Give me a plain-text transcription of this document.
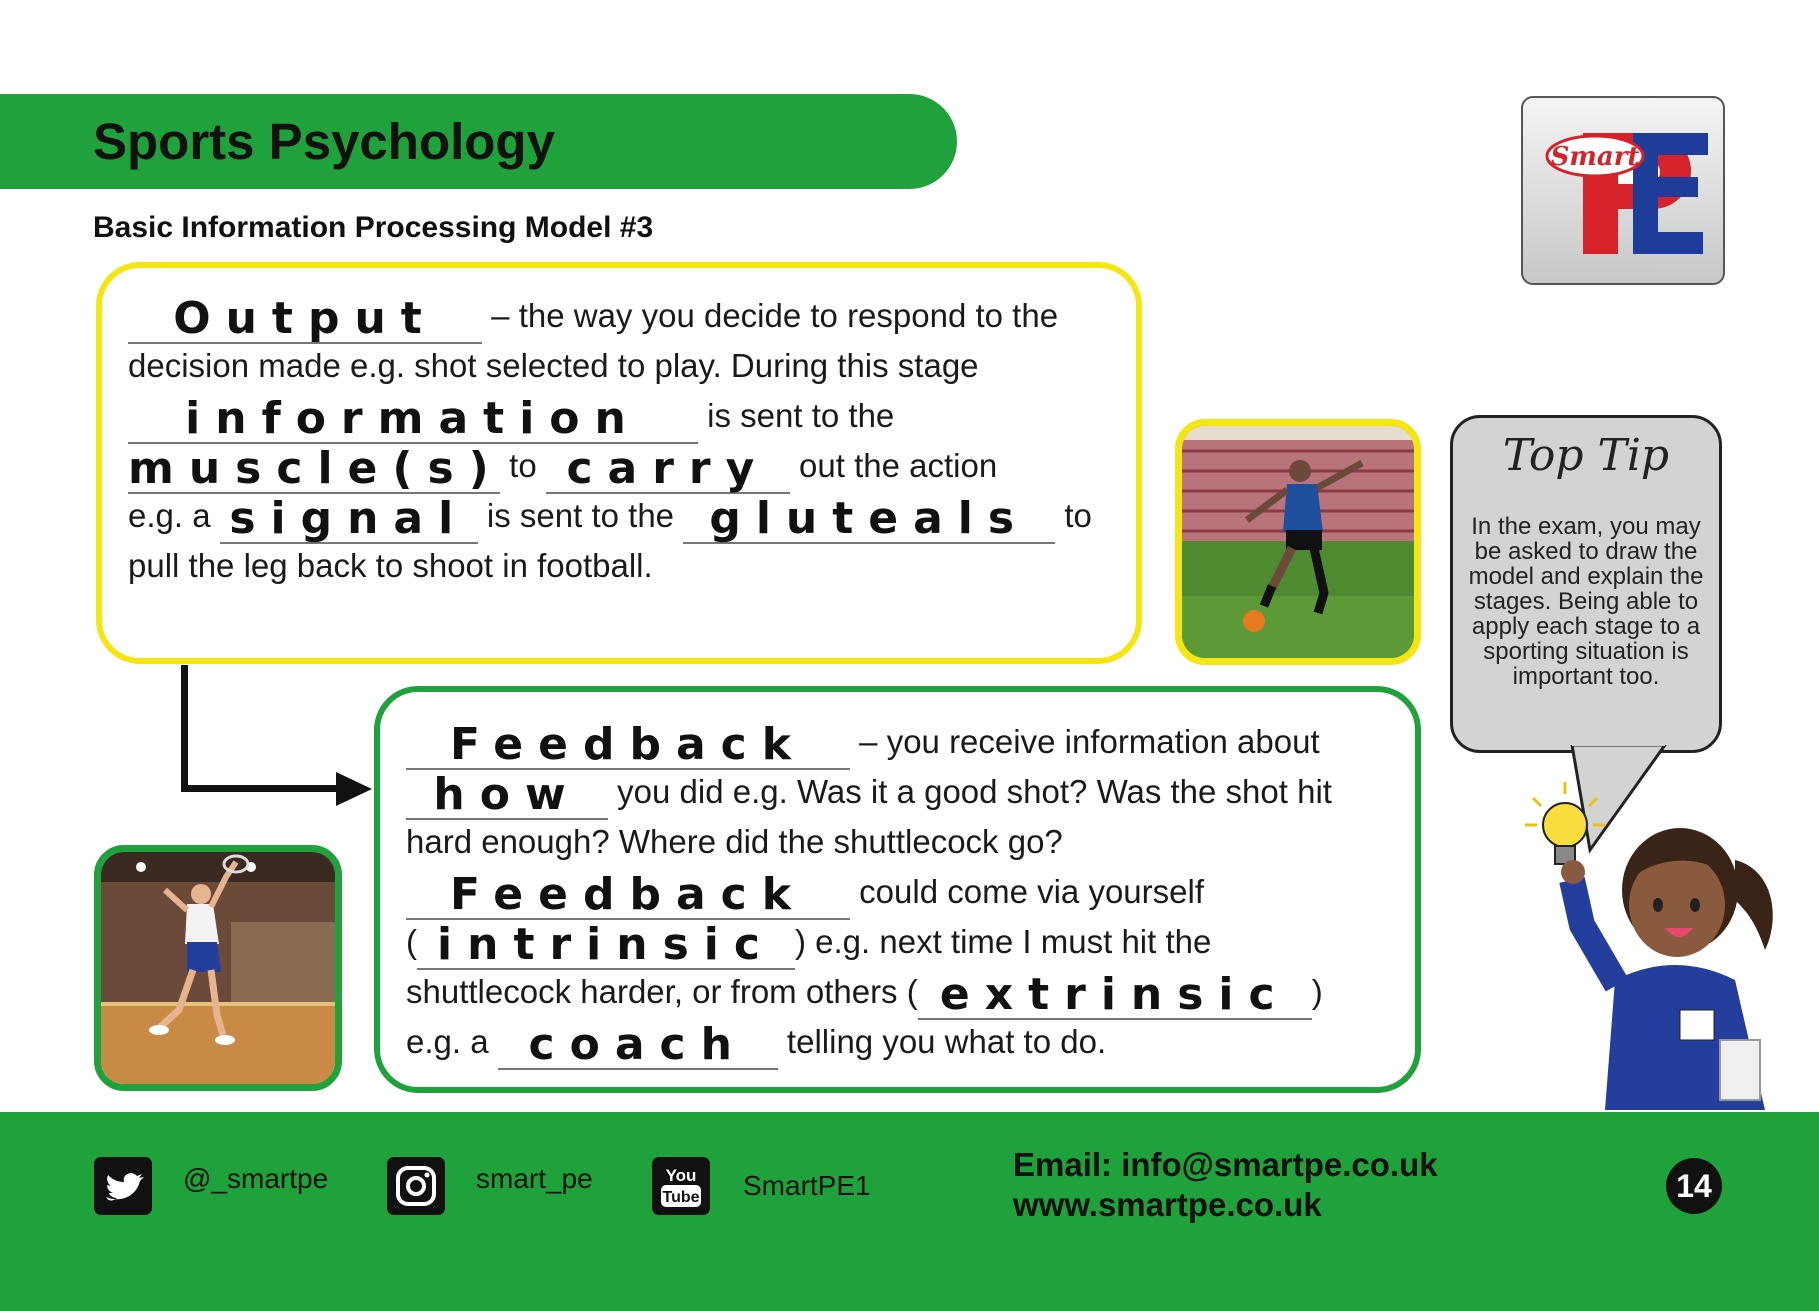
Sports Psychology
Basic Information Processing Model #3
Smart
Output – the way you decide to respond to the
decision made e.g. shot selected to play. During this stage
information is sent to the
muscle(s) to carry out the action
e.g. a signal is sent to the gluteals to
pull the leg back to shoot in football.
Feedback – you receive information about
how you did e.g. Was it a good shot? Was the shot hit
hard enough? Where did the shuttlecock go?
Feedback could come via yourself
( intrinsic ) e.g. next time I must hit the
shuttlecock harder, or from others ( extrinsic )
e.g. a coach telling you what to do.
Top Tip
In the exam, you may be asked to draw the model and explain the stages. Being able to apply each stage to a sporting situation is important too.
@_smartpe	smart_pe	You
Tube SmartPE1
Email: info@smartpe.co.uk
www.smartpe.co.uk	14
